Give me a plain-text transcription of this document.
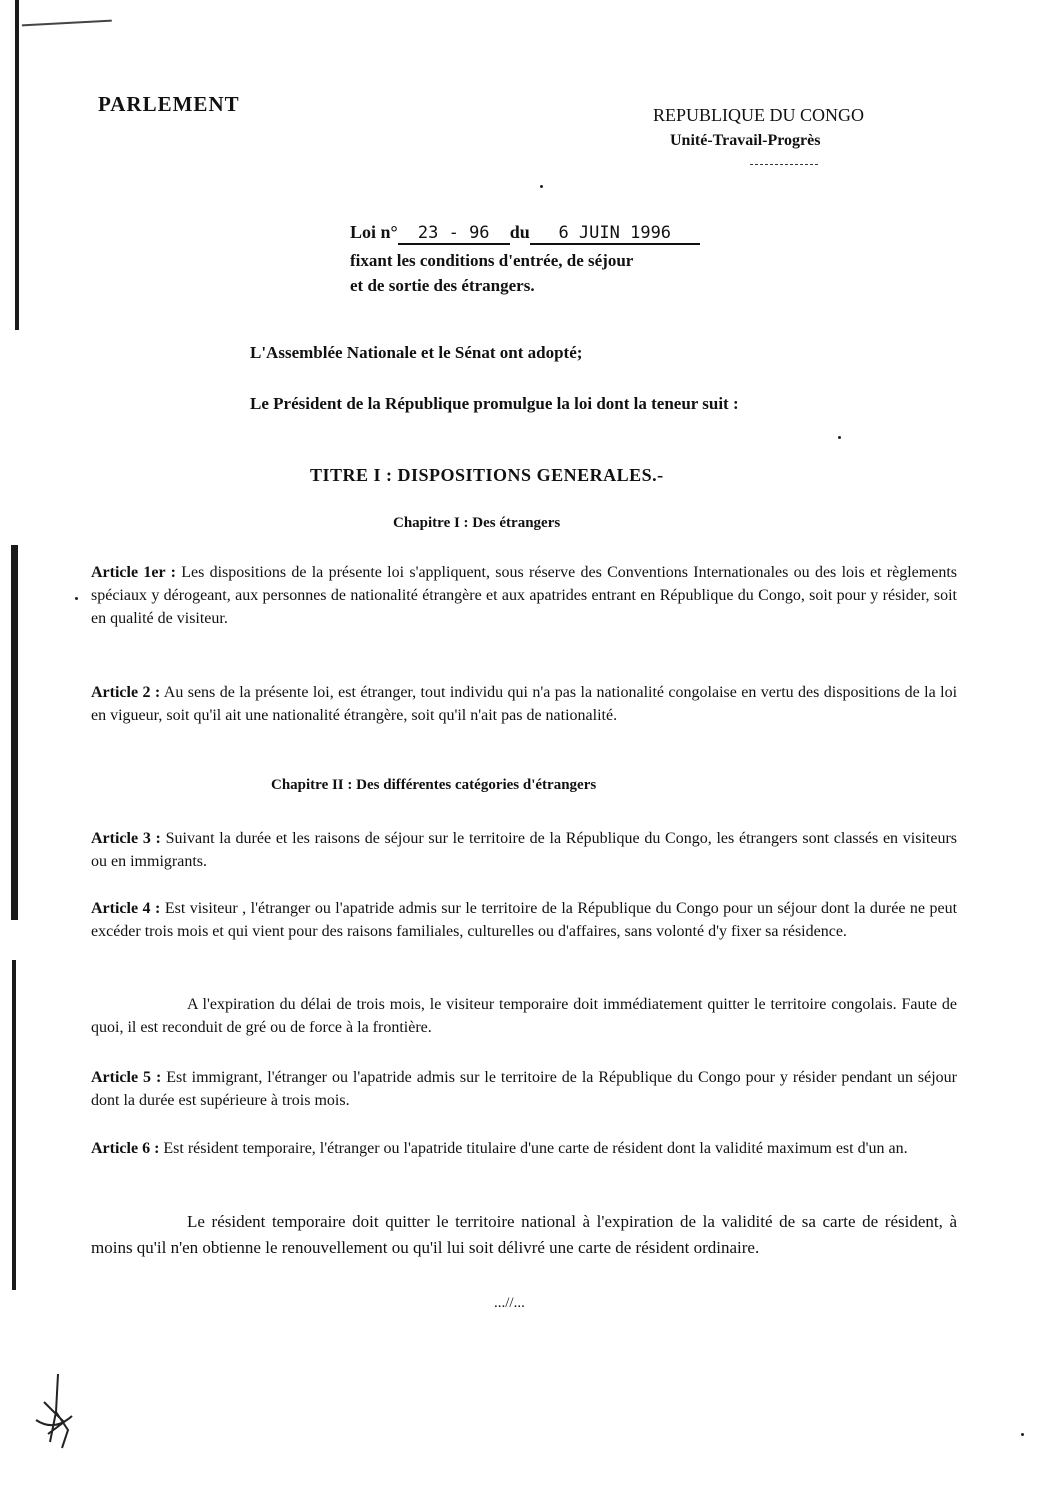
PARLEMENT	REPUBLIQUE DU CONGO
Unité-Travail-Progrès
Loi n° 23 - 96 du 6 JUIN 1996
fixant les conditions d'entrée, de séjour
et de sortie des étrangers.
L'Assemblée Nationale et le Sénat ont adopté;
Le Président de la République promulgue la loi dont la teneur suit :
TITRE I : DISPOSITIONS GENERALES.-
Chapitre I : Des étrangers
Article 1er : Les dispositions de la présente loi s'appliquent, sous réserve des Conventions Internationales ou des lois et règlements spéciaux y dérogeant, aux personnes de nationalité étrangère et aux apatrides entrant en République du Congo, soit pour y résider, soit en qualité de visiteur.
Article 2 : Au sens de la présente loi, est étranger, tout individu qui n'a pas la nationalité congolaise en vertu des dispositions de la loi en vigueur, soit qu'il ait une nationalité étrangère, soit qu'il n'ait pas de nationalité.
Chapitre II : Des différentes catégories d'étrangers
Article 3 : Suivant la durée et les raisons de séjour sur le territoire de la République du Congo, les étrangers sont classés en visiteurs ou en immigrants.
Article 4 : Est visiteur , l'étranger ou l'apatride admis sur le territoire de la République du Congo pour un séjour dont la durée ne peut excéder trois mois et qui vient pour des raisons familiales, culturelles ou d'affaires, sans volonté d'y fixer sa résidence.
A l'expiration du délai de trois mois, le visiteur temporaire doit immédiatement quitter le territoire congolais. Faute de quoi, il est reconduit de gré ou de force à la frontière.
Article 5 : Est immigrant, l'étranger ou l'apatride admis sur le territoire de la République du Congo pour y résider pendant un séjour dont la durée est supérieure à trois mois.
Article 6 : Est résident temporaire, l'étranger ou l'apatride titulaire d'une carte de résident dont la validité maximum est d'un an.
Le résident temporaire doit quitter le territoire national à l'expiration de la validité de sa carte de résident, à moins qu'il n'en obtienne le renouvellement ou qu'il lui soit délivré une carte de résident ordinaire.
...//...
